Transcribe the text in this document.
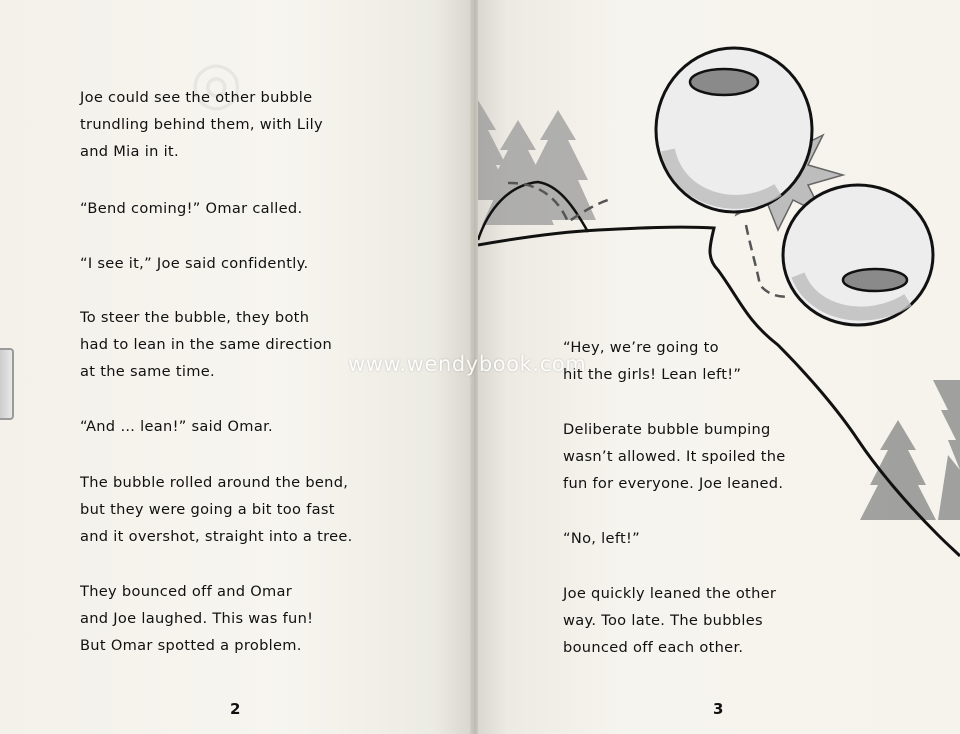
◎

Joe could see the other bubble
trundling behind them, with Lily
and Mia in it.

“Bend coming!” Omar called.

“I see it,” Joe said confidently.

To steer the bubble, they both
had to lean in the same direction
at the same time.

“And … lean!” said Omar.

The bubble rolled around the bend,
but they were going a bit too fast
and it overshot, straight into a tree.

They bounced off and Omar
and Joe laughed. This was fun!
But Omar spotted a problem.

2

“Hey, we’re going to
hit the girls! Lean left!”

Deliberate bubble bumping
wasn’t allowed. It spoiled the
fun for everyone. Joe leaned.

“No, left!”

Joe quickly leaned the other
way. Too late. The bubbles
bounced off each other.

3
www.wendybook.com
